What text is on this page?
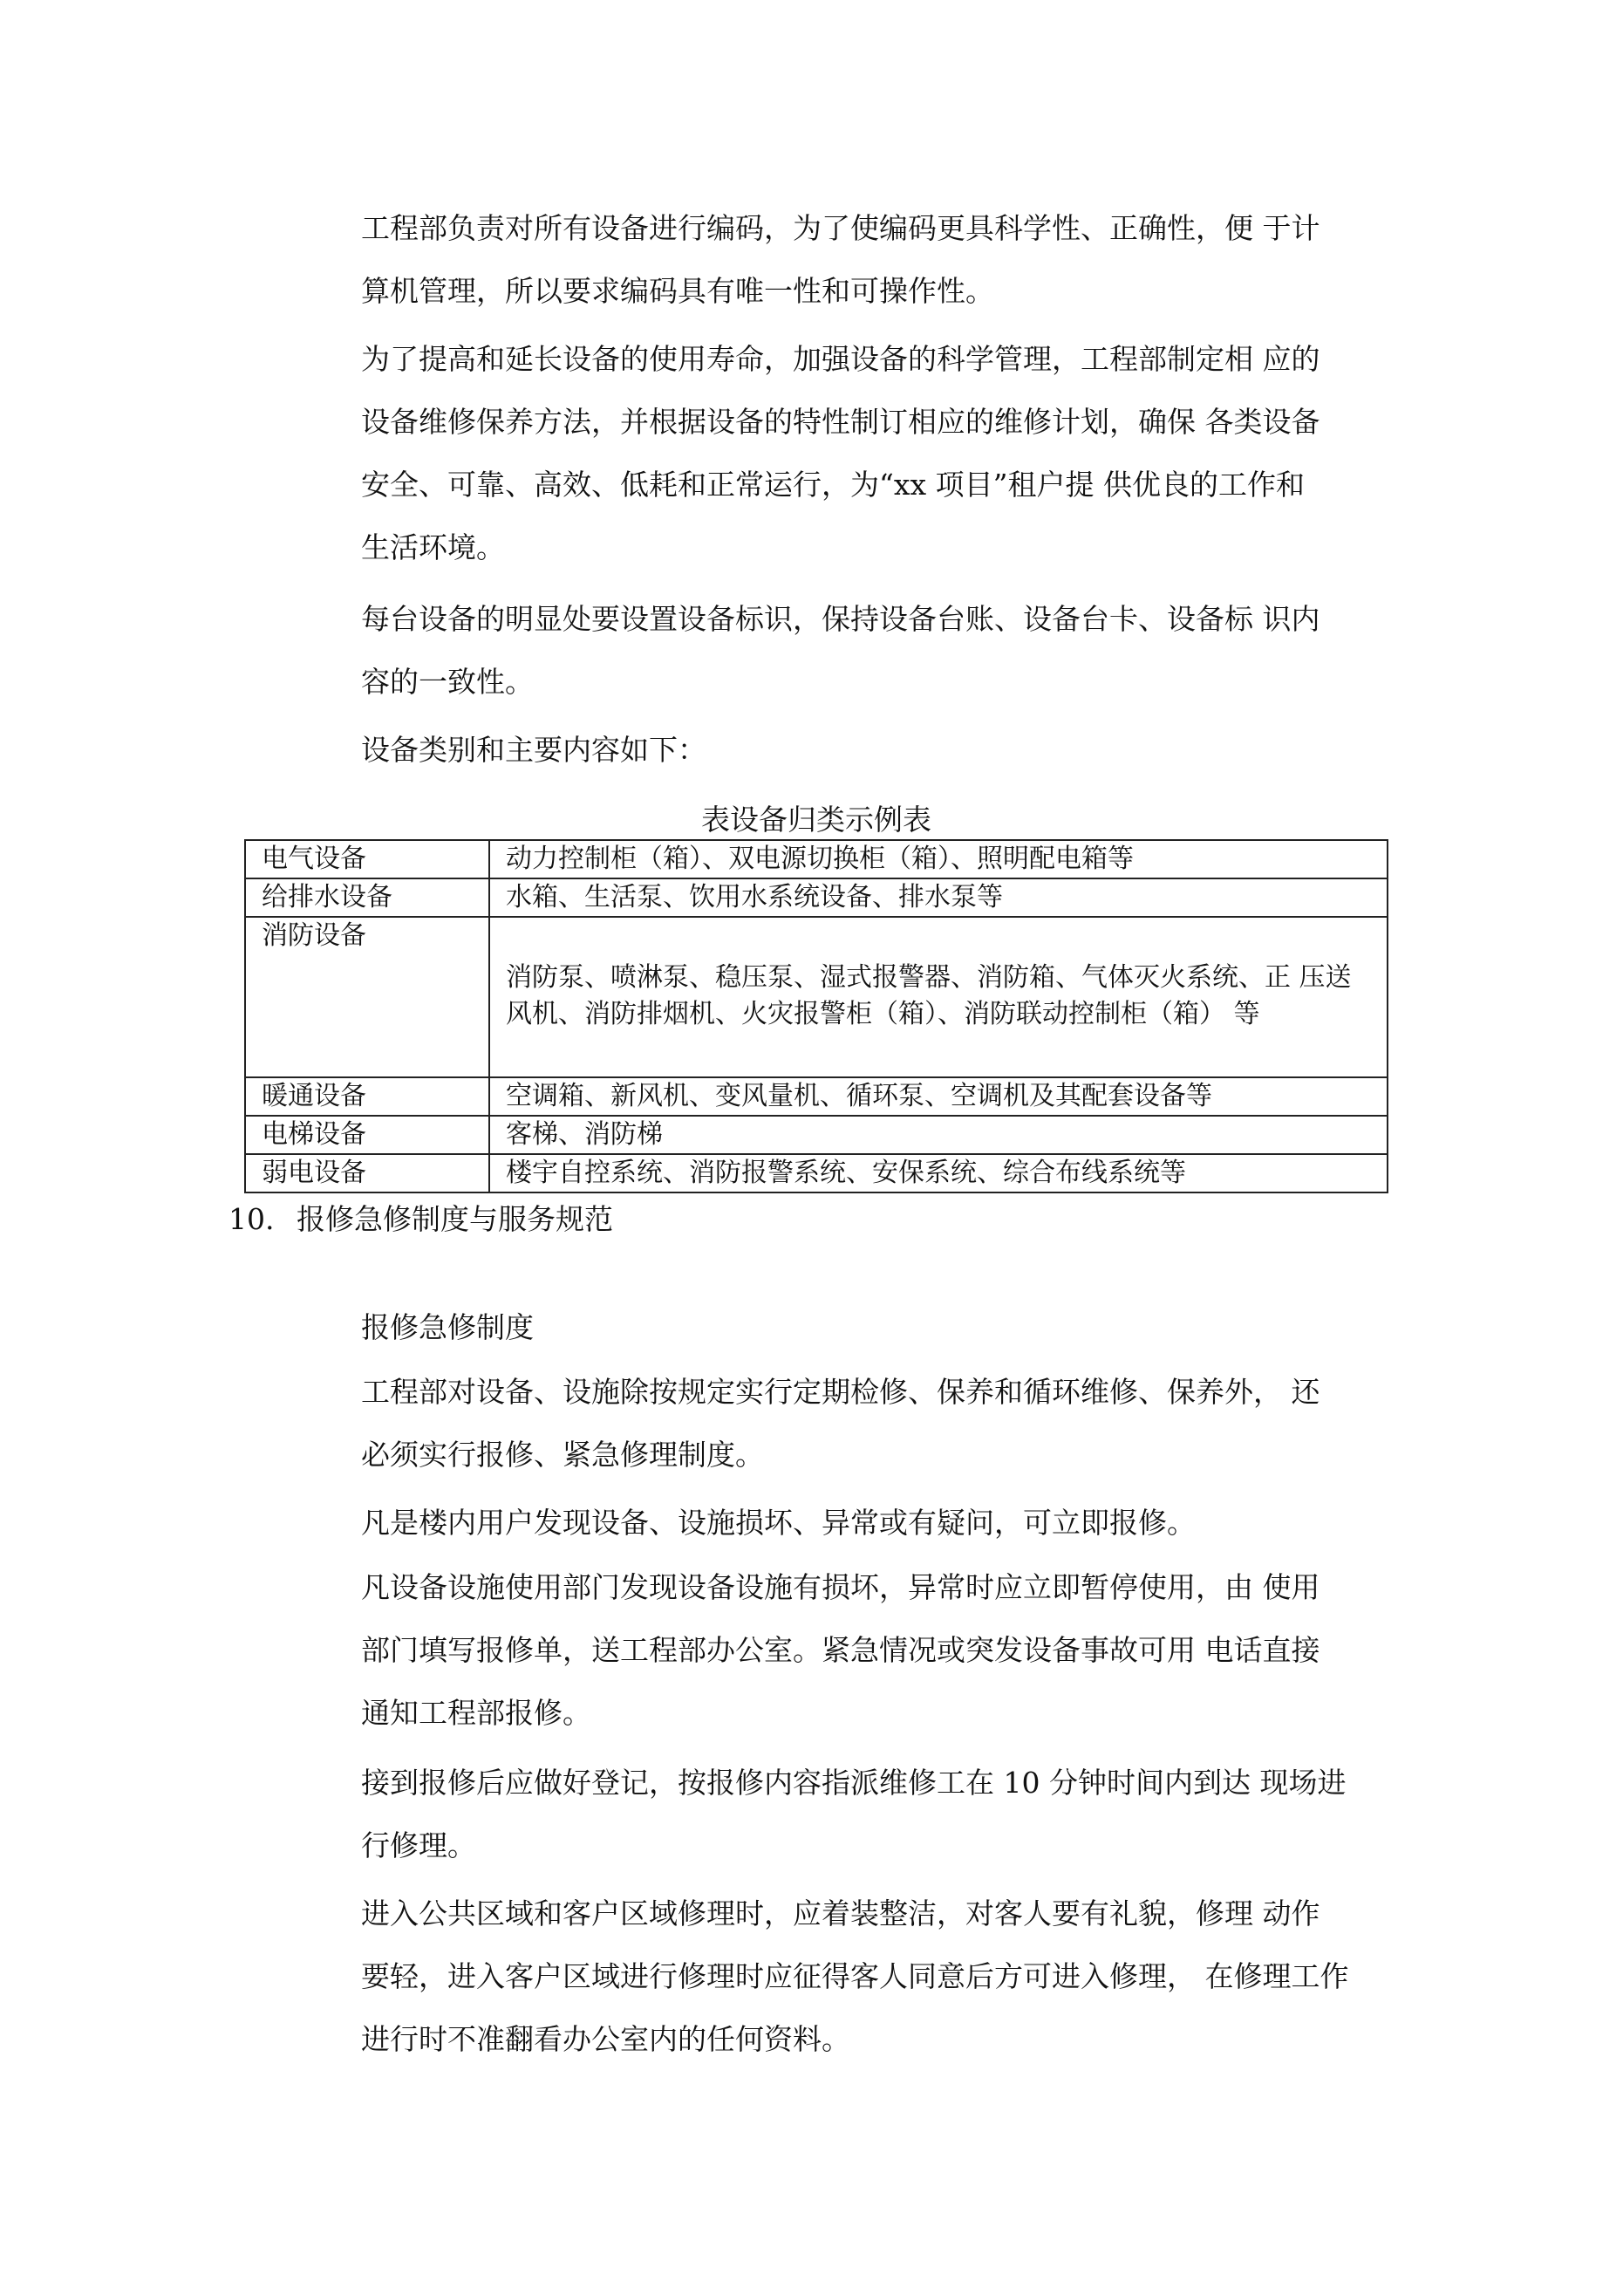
工程部负责对所有设备进行编码，为了使编码更具科学性、正确性，便 于计
算机管理，所以要求编码具有唯一性和可操作性。

为了提高和延长设备的使用寿命，加强设备的科学管理，工程部制定相 应的
设备维修保养方法，并根据设备的特性制订相应的维修计划，确保 各类设备
安全、可靠、高效、低耗和正常运行，为“xx 项目”租户提 供优良的工作和
生活环境。

每台设备的明显处要设置设备标识，保持设备台账、设备台卡、设备标 识内
容的一致性。

设备类别和主要内容如下：

表设备归类示例表
电气设备	动力控制柜（箱）、双电源切换柜（箱）、照明配电箱等
给排水设备	水箱、生活泵、饮用水系统设备、排水泵等
消防设备	消防泵、喷淋泵、稳压泵、湿式报警器、消防箱、气体灭火系统、正 压送
风机、消防排烟机、火灾报警柜（箱）、消防联动控制柜（箱） 等
暖通设备	空调箱、新风机、变风量机、循环泵、空调机及其配套设备等
电梯设备	客梯、消防梯
弱电设备	楼宇自控系统、消防报警系统、安保系统、综合布线系统等
10. 报修急修制度与服务规范

报修急修制度

工程部对设备、设施除按规定实行定期检修、保养和循环维修、保养外， 还
必须实行报修、紧急修理制度。

凡是楼内用户发现设备、设施损坏、异常或有疑问，可立即报修。

凡设备设施使用部门发现设备设施有损坏，异常时应立即暂停使用，由 使用
部门填写报修单，送工程部办公室。紧急情况或突发设备事故可用 电话直接
通知工程部报修。

接到报修后应做好登记，按报修内容指派维修工在 10 分钟时间内到达 现场进
行修理。

进入公共区域和客户区域修理时，应着装整洁，对客人要有礼貌，修理 动作
要轻，进入客户区域进行修理时应征得客人同意后方可进入修理， 在修理工作
进行时不准翻看办公室内的任何资料。
